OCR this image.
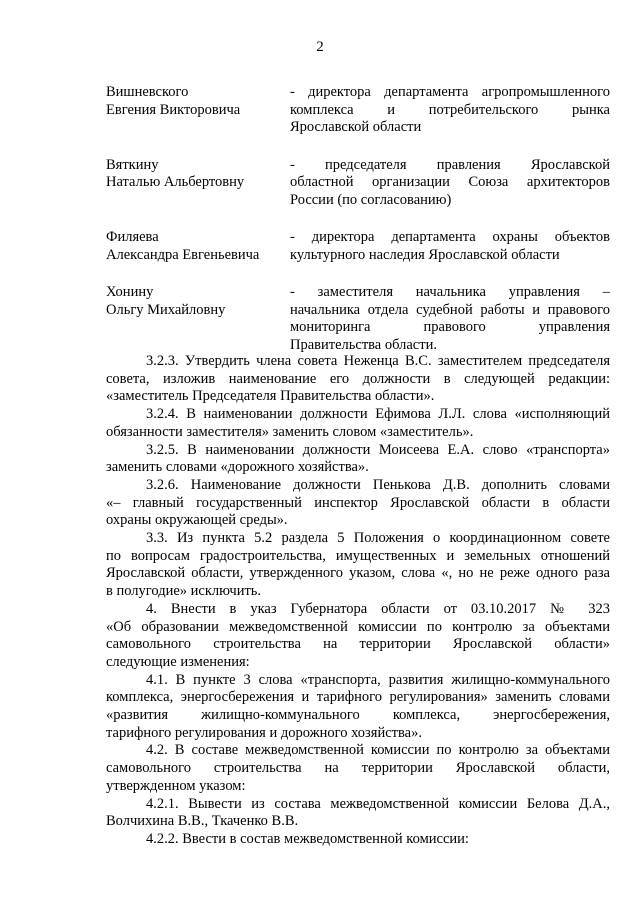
2
Вишневского
Евгения Викторовича
- директора департамента агропромышленного
комплекса и потребительского рынка
Ярославской области
Вяткину
Наталью Альбертовну
- председателя правления Ярославской
областной организации Союза архитекторов
России (по согласованию)
Филяева
Александра Евгеньевича
- директора департамента охраны объектов
культурного наследия Ярославской области
Хонину
Ольгу Михайловну
- заместителя начальника управления –
начальника отдела судебной работы и правового
мониторинга правового управления
Правительства области.
3.2.3. Утвердить члена совета Неженца В.С. заместителем председателя
совета, изложив наименование его должности в следующей редакции:
«заместитель Председателя Правительства области».
3.2.4. В наименовании должности Ефимова Л.Л. слова «исполняющий
обязанности заместителя» заменить словом «заместитель».
3.2.5. В наименовании должности Моисеева Е.А. слово «транспорта»
заменить словами «дорожного хозяйства».
3.2.6. Наименование должности Пенькова Д.В. дополнить словами
«– главный государственный инспектор Ярославской области в области
охраны окружающей среды».
3.3. Из пункта 5.2 раздела 5 Положения о координационном совете
по вопросам градостроительства, имущественных и земельных отношений
Ярославской области, утвержденного указом, слова «, но не реже одного раза
в полугодие» исключить.
4. Внести в указ Губернатора области от 03.10.2017 № 323
«Об образовании межведомственной комиссии по контролю за объектами
самовольного строительства на территории Ярославской области»
следующие изменения:
4.1. В пункте 3 слова «транспорта, развития жилищно-коммунального
комплекса, энергосбережения и тарифного регулирования» заменить словами
«развития жилищно-коммунального комплекса, энергосбережения,
тарифного регулирования и дорожного хозяйства».
4.2. В составе межведомственной комиссии по контролю за объектами
самовольного строительства на территории Ярославской области,
утвержденном указом:
4.2.1. Вывести из состава межведомственной комиссии Белова Д.А.,
Волчихина В.В., Ткаченко В.В.
4.2.2. Ввести в состав межведомственной комиссии:
